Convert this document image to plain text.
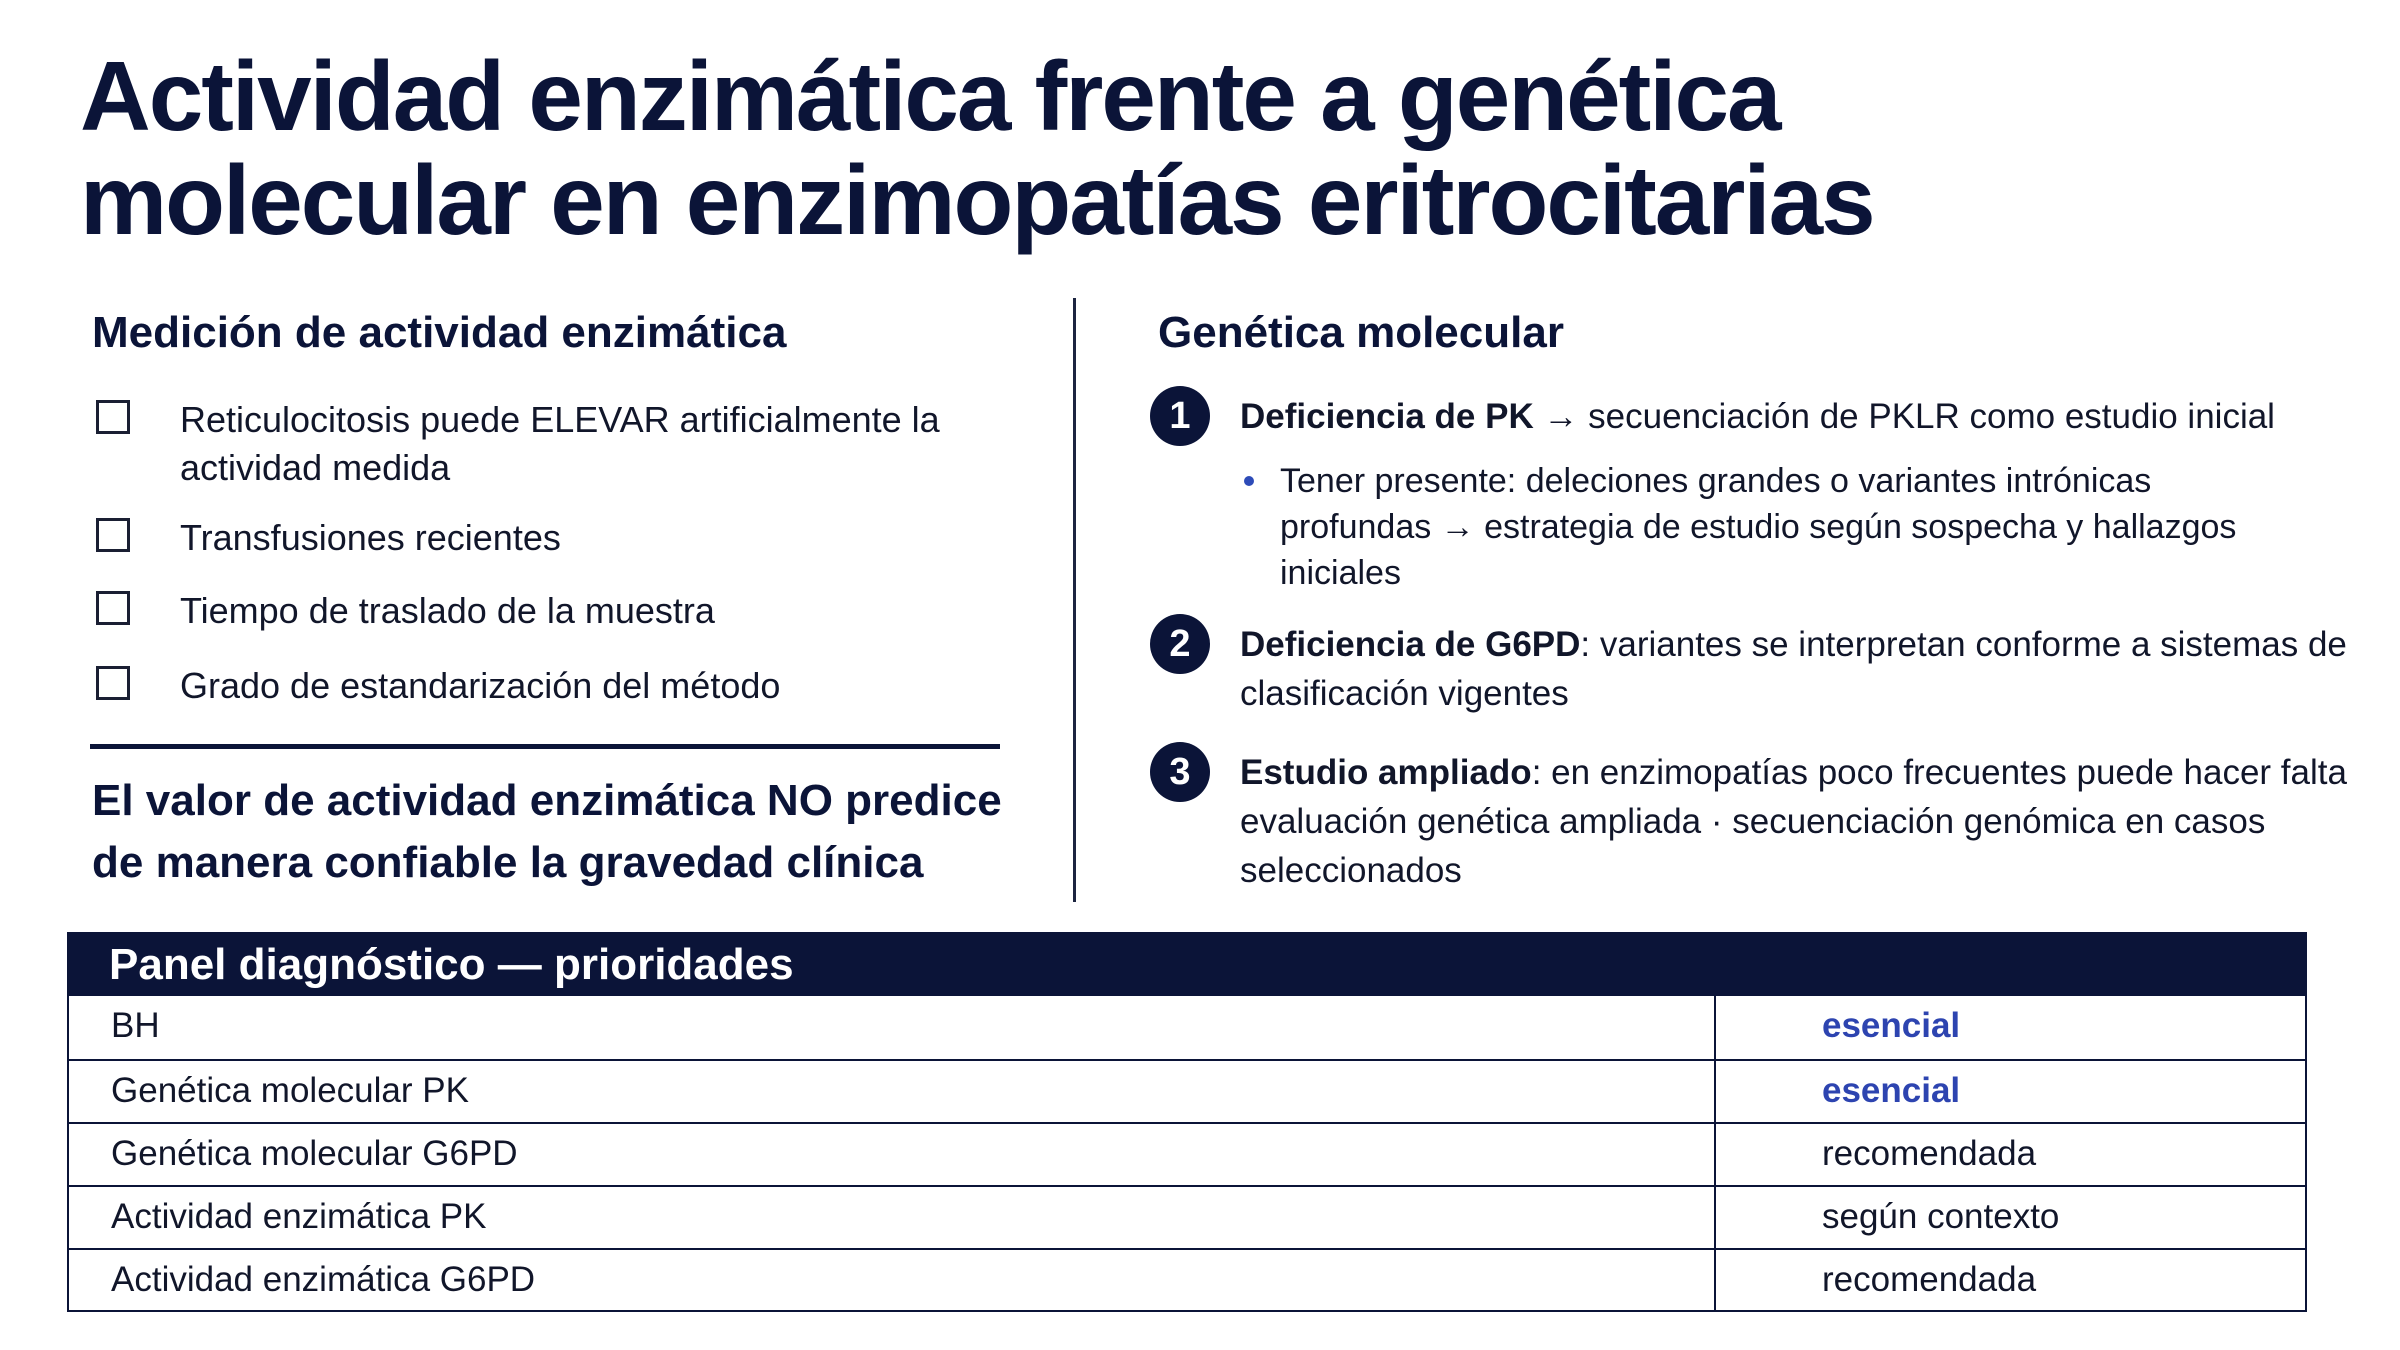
Actividad enzimática frente a genética
molecular en enzimopatías eritrocitarias
Medición de actividad enzimática
Reticulocitosis puede ELEVAR artificialmente la actividad medida
Transfusiones recientes
Tiempo de traslado de la muestra
Grado de estandarización del método

El valor de actividad enzimática NO predice
de manera confiable la gravedad clínica

Genética molecular
1	Deficiencia de PK → secuenciación de PKLR como estudio inicial
Tener presente: deleciones grandes o variantes intrónicas profundas → estrategia de estudio según sospecha y hallazgos iniciales
2	Deficiencia de G6PD: variantes se interpretan conforme a sistemas de clasificación vigentes
3	Estudio ampliado: en enzimopatías poco frecuentes puede hacer falta evaluación genética ampliada · secuenciación genómica en casos seleccionados
Panel diagnóstico — prioridades
BH	esencial
Genética molecular PK	esencial
Genética molecular G6PD	recomendada
Actividad enzimática PK	según contexto
Actividad enzimática G6PD	recomendada
